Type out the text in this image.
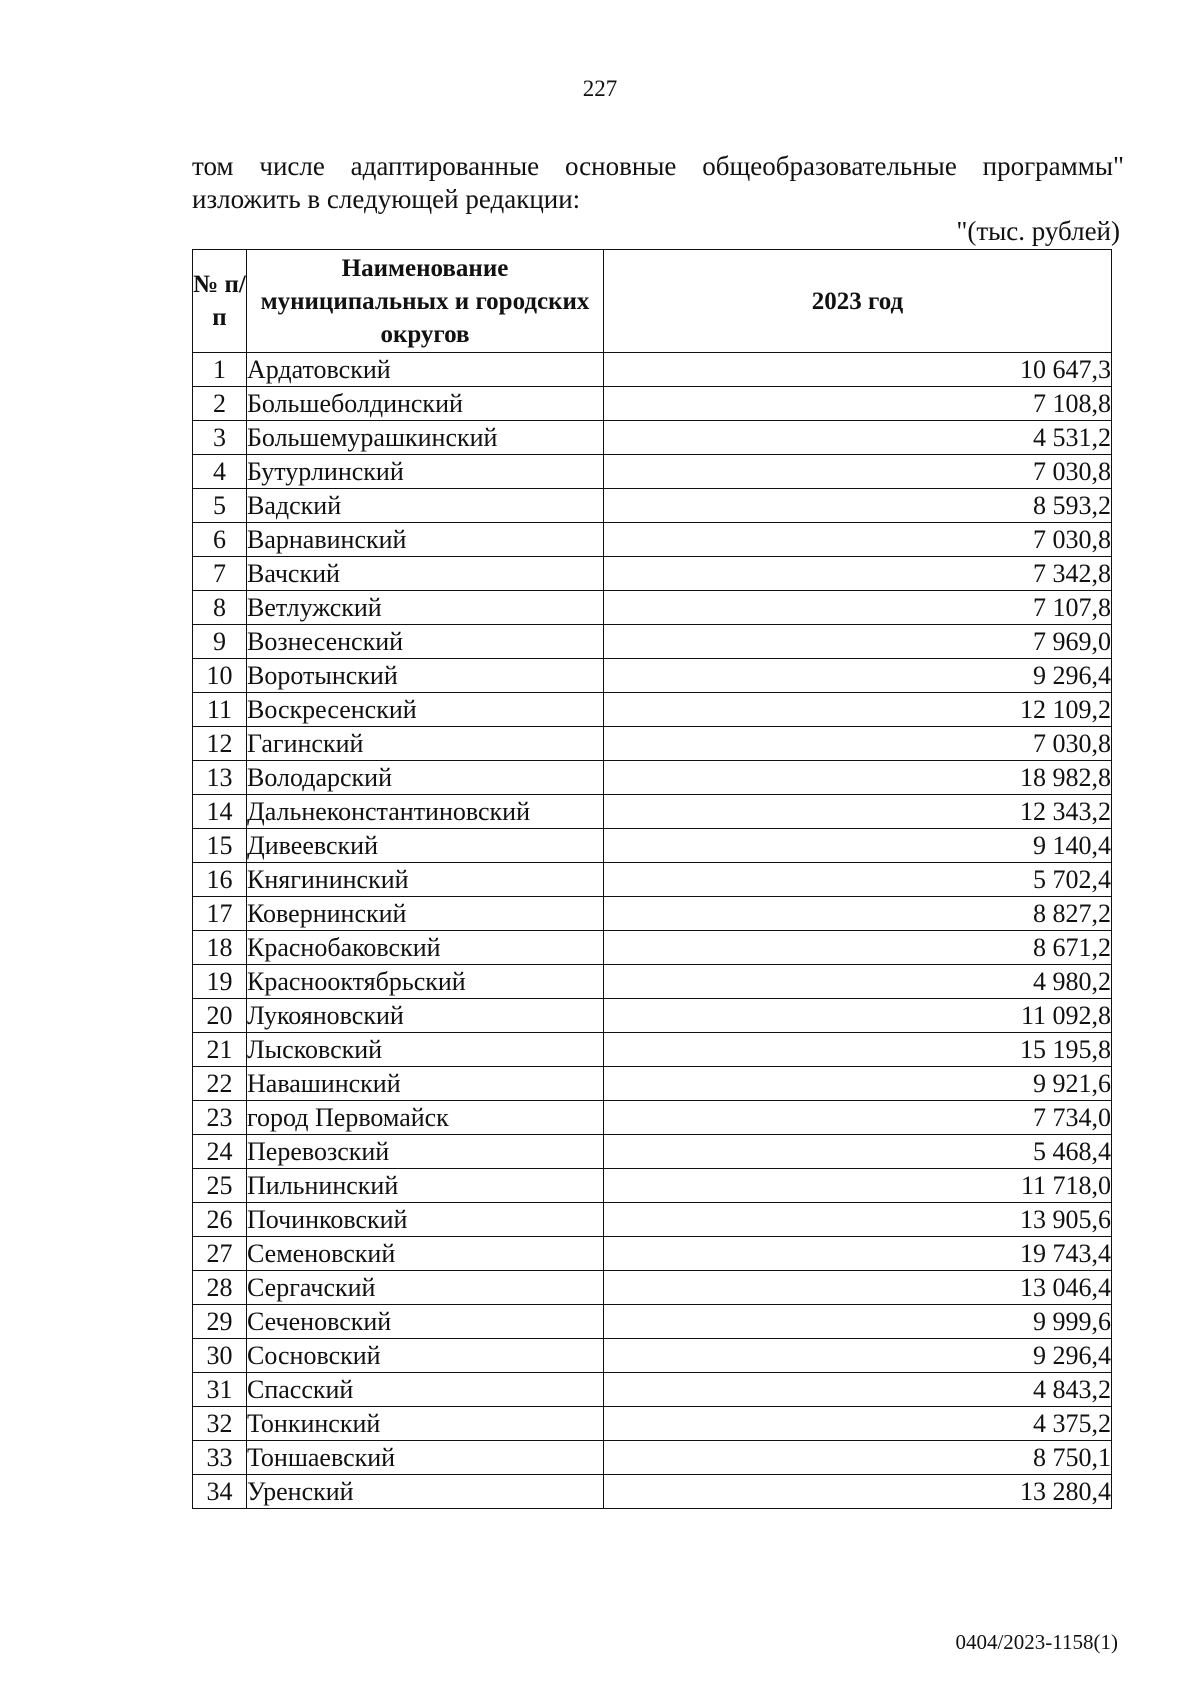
227
том числе адаптированные основные общеобразовательные программы"
изложить в следующей редакции:
"(тыс. рублей)
№ п/п	Наименование муниципальных и городских округов	2023 год
1	Ардатовский	10 647,3
2	Большеболдинский	7 108,8
3	Большемурашкинский	4 531,2
4	Бутурлинский	7 030,8
5	Вадский	8 593,2
6	Варнавинский	7 030,8
7	Вачский	7 342,8
8	Ветлужский	7 107,8
9	Вознесенский	7 969,0
10	Воротынский	9 296,4
11	Воскресенский	12 109,2
12	Гагинский	7 030,8
13	Володарский	18 982,8
14	Дальнеконстантиновский	12 343,2
15	Дивеевский	9 140,4
16	Княгининский	5 702,4
17	Ковернинский	8 827,2
18	Краснобаковский	8 671,2
19	Краснооктябрьский	4 980,2
20	Лукояновский	11 092,8
21	Лысковский	15 195,8
22	Навашинский	9 921,6
23	город Первомайск	7 734,0
24	Перевозский	5 468,4
25	Пильнинский	11 718,0
26	Починковский	13 905,6
27	Семеновский	19 743,4
28	Сергачский	13 046,4
29	Сеченовский	9 999,6
30	Сосновский	9 296,4
31	Спасский	4 843,2
32	Тонкинский	4 375,2
33	Тоншаевский	8 750,1
34	Уренский	13 280,4
0404/2023-1158(1)
